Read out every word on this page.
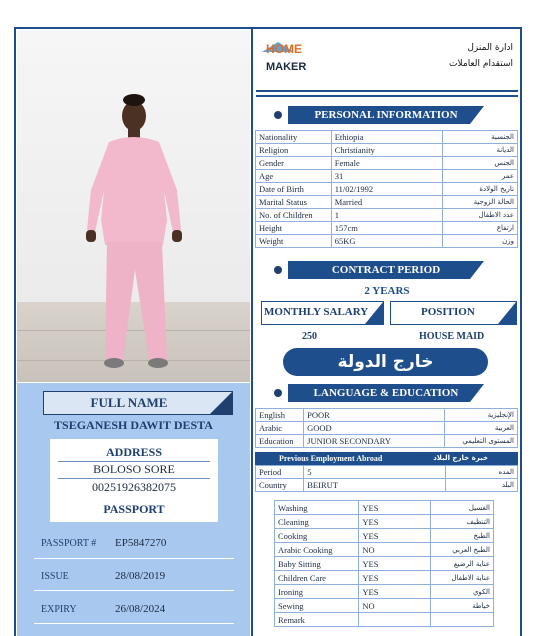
FULL NAME
TSEGANESH DAWIT DESTA
ADDRESS
BOLOSO SORE
00251926382075
PASSPORT
PASSPORT # EP5847270
ISSUE	28/08/2019
EXPIRY	26/08/2024
HOME
MAKER
ادارة المنزل
استقدام العاملات
PERSONAL INFORMATION
Nationality	Ethiopia	الجنسية
Religion	Christianity	الديانة
Gender	Female	الجنس
Age	31	عمر
Date of Birth	11/02/1992	تاريخ الولادة
Marital Status	Married	الحالة الزوجية
No. of Children	1	عدد الاطفال
Height	157cm	ارتفاع
Weight	65KG	وزن
CONTRACT PERIOD
2 YEARS
MONTHLY SALARY	POSITION
250	HOUSE MAID
خارج الدولة
LANGUAGE & EDUCATION
English	POOR	الإنجليزية
Arabic	GOOD	العربية
Education	JUNIOR SECONDARY	المستوى التعليمي
Previous Employment Abroad	خبرة خارج البلاد
Period	5	المده
Country	BEIRUT	البلد
Washing	YES	الغسيل
Cleaning	YES	التنظيف
Cooking	YES	الطبخ
Arabic Cooking	NO	الطبخ العربي
Baby Sitting	YES	عناية الرضيع
Children Care	YES	عناية الاطفال
Ironing	YES	الكوي
Sewing	NO	خياطة
Remark		
